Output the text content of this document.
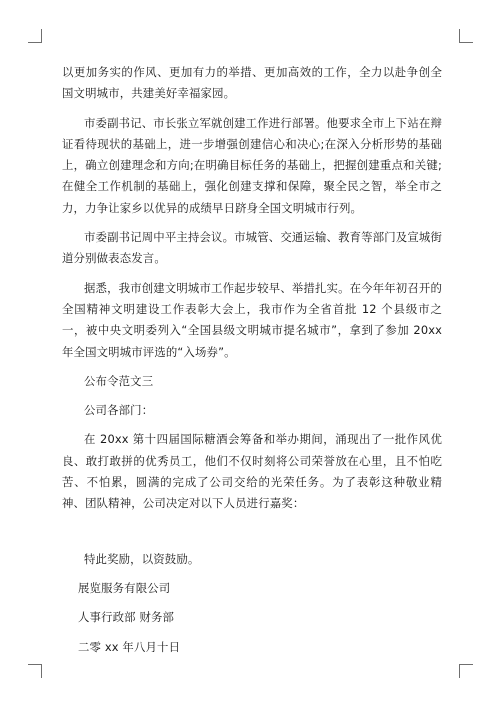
以更加务实的作风、更加有力的举措、更加高效的工作，全力以赴争创全国文明城市，共建美好幸福家园。

市委副书记、市长张立军就创建工作进行部署。他要求全市上下站在辩证看待现状的基础上，进一步增强创建信心和决心;在深入分析形势的基础上，确立创建理念和方向;在明确目标任务的基础上，把握创建重点和关键;在健全工作机制的基础上，强化创建支撑和保障，聚全民之智，举全市之力，力争让家乡以优异的成绩早日跻身全国文明城市行列。

市委副书记周中平主持会议。市城管、交通运输、教育等部门及宣城街道分别做表态发言。

据悉，我市创建文明城市工作起步较早、举措扎实。在今年年初召开的全国精神文明建设工作表彰大会上，我市作为全省首批 12 个县级市之一，被中央文明委列入“全国县级文明城市提名城市”，拿到了参加 20xx 年全国文明城市评选的“入场券”。

公布令范文三

公司各部门：

在 20xx 第十四届国际糖酒会筹备和举办期间，涌现出了一批作风优良、敢打敢拼的优秀员工，他们不仅时刻将公司荣誉放在心里，且不怕吃苦、不怕累，圆满的完成了公司交给的光荣任务。为了表彰这种敬业精神、团队精神，公司决定对以下人员进行嘉奖：

特此奖励，以资鼓励。

展览服务有限公司

人事行政部 财务部

二零 xx 年八月十日
